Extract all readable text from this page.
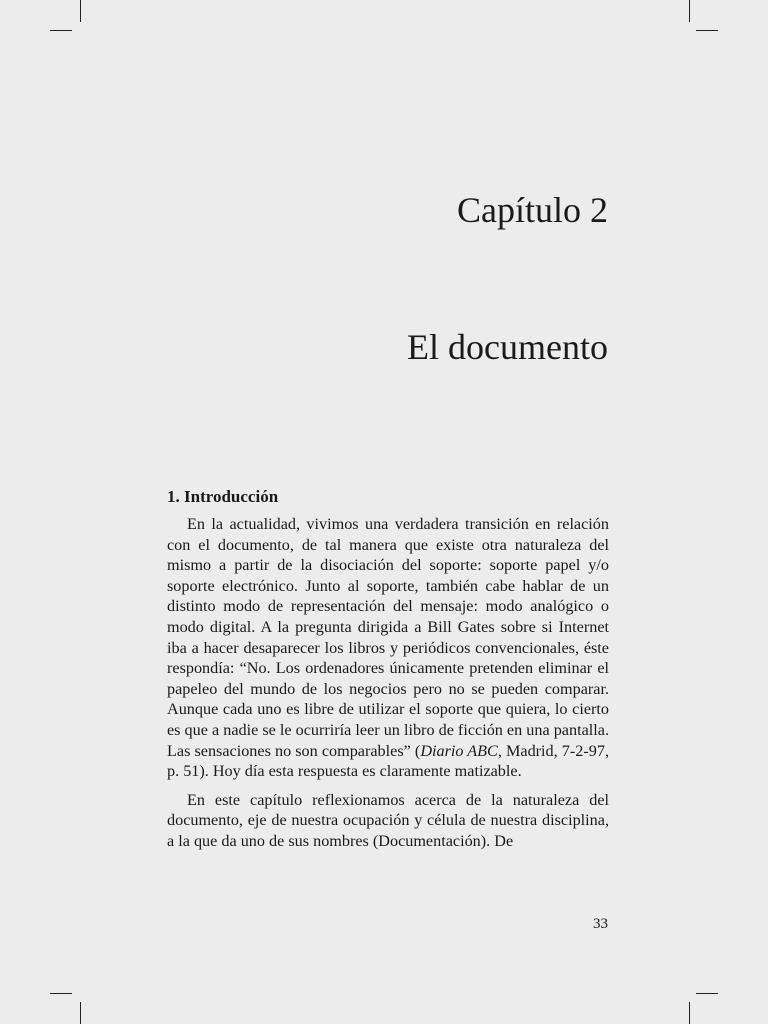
Capítulo 2
El documento
1. Introducción

En la actualidad, vivimos una verdadera transición en relación con el documento, de tal manera que existe otra naturaleza del mismo a partir de la disociación del soporte: soporte papel y/o soporte electrónico. Junto al soporte, también cabe hablar de un distinto modo de representación del mensaje: modo analógico o modo digital. A la pregunta dirigida a Bill Gates sobre si Internet iba a hacer desaparecer los libros y periódicos convencionales, éste respondía: “No. Los ordenadores únicamente pretenden eliminar el papeleo del mundo de los negocios pero no se pueden comparar. Aunque cada uno es libre de utilizar el soporte que quiera, lo cierto es que a nadie se le ocurriría leer un libro de ficción en una pantalla. Las sensaciones no son comparables” (Diario ABC, Madrid, 7-2-97, p. 51). Hoy día esta respuesta es claramente matizable.

En este capítulo reflexionamos acerca de la naturaleza del documento, eje de nuestra ocupación y célula de nuestra disciplina, a la que da uno de sus nombres (Documentación). De

33
